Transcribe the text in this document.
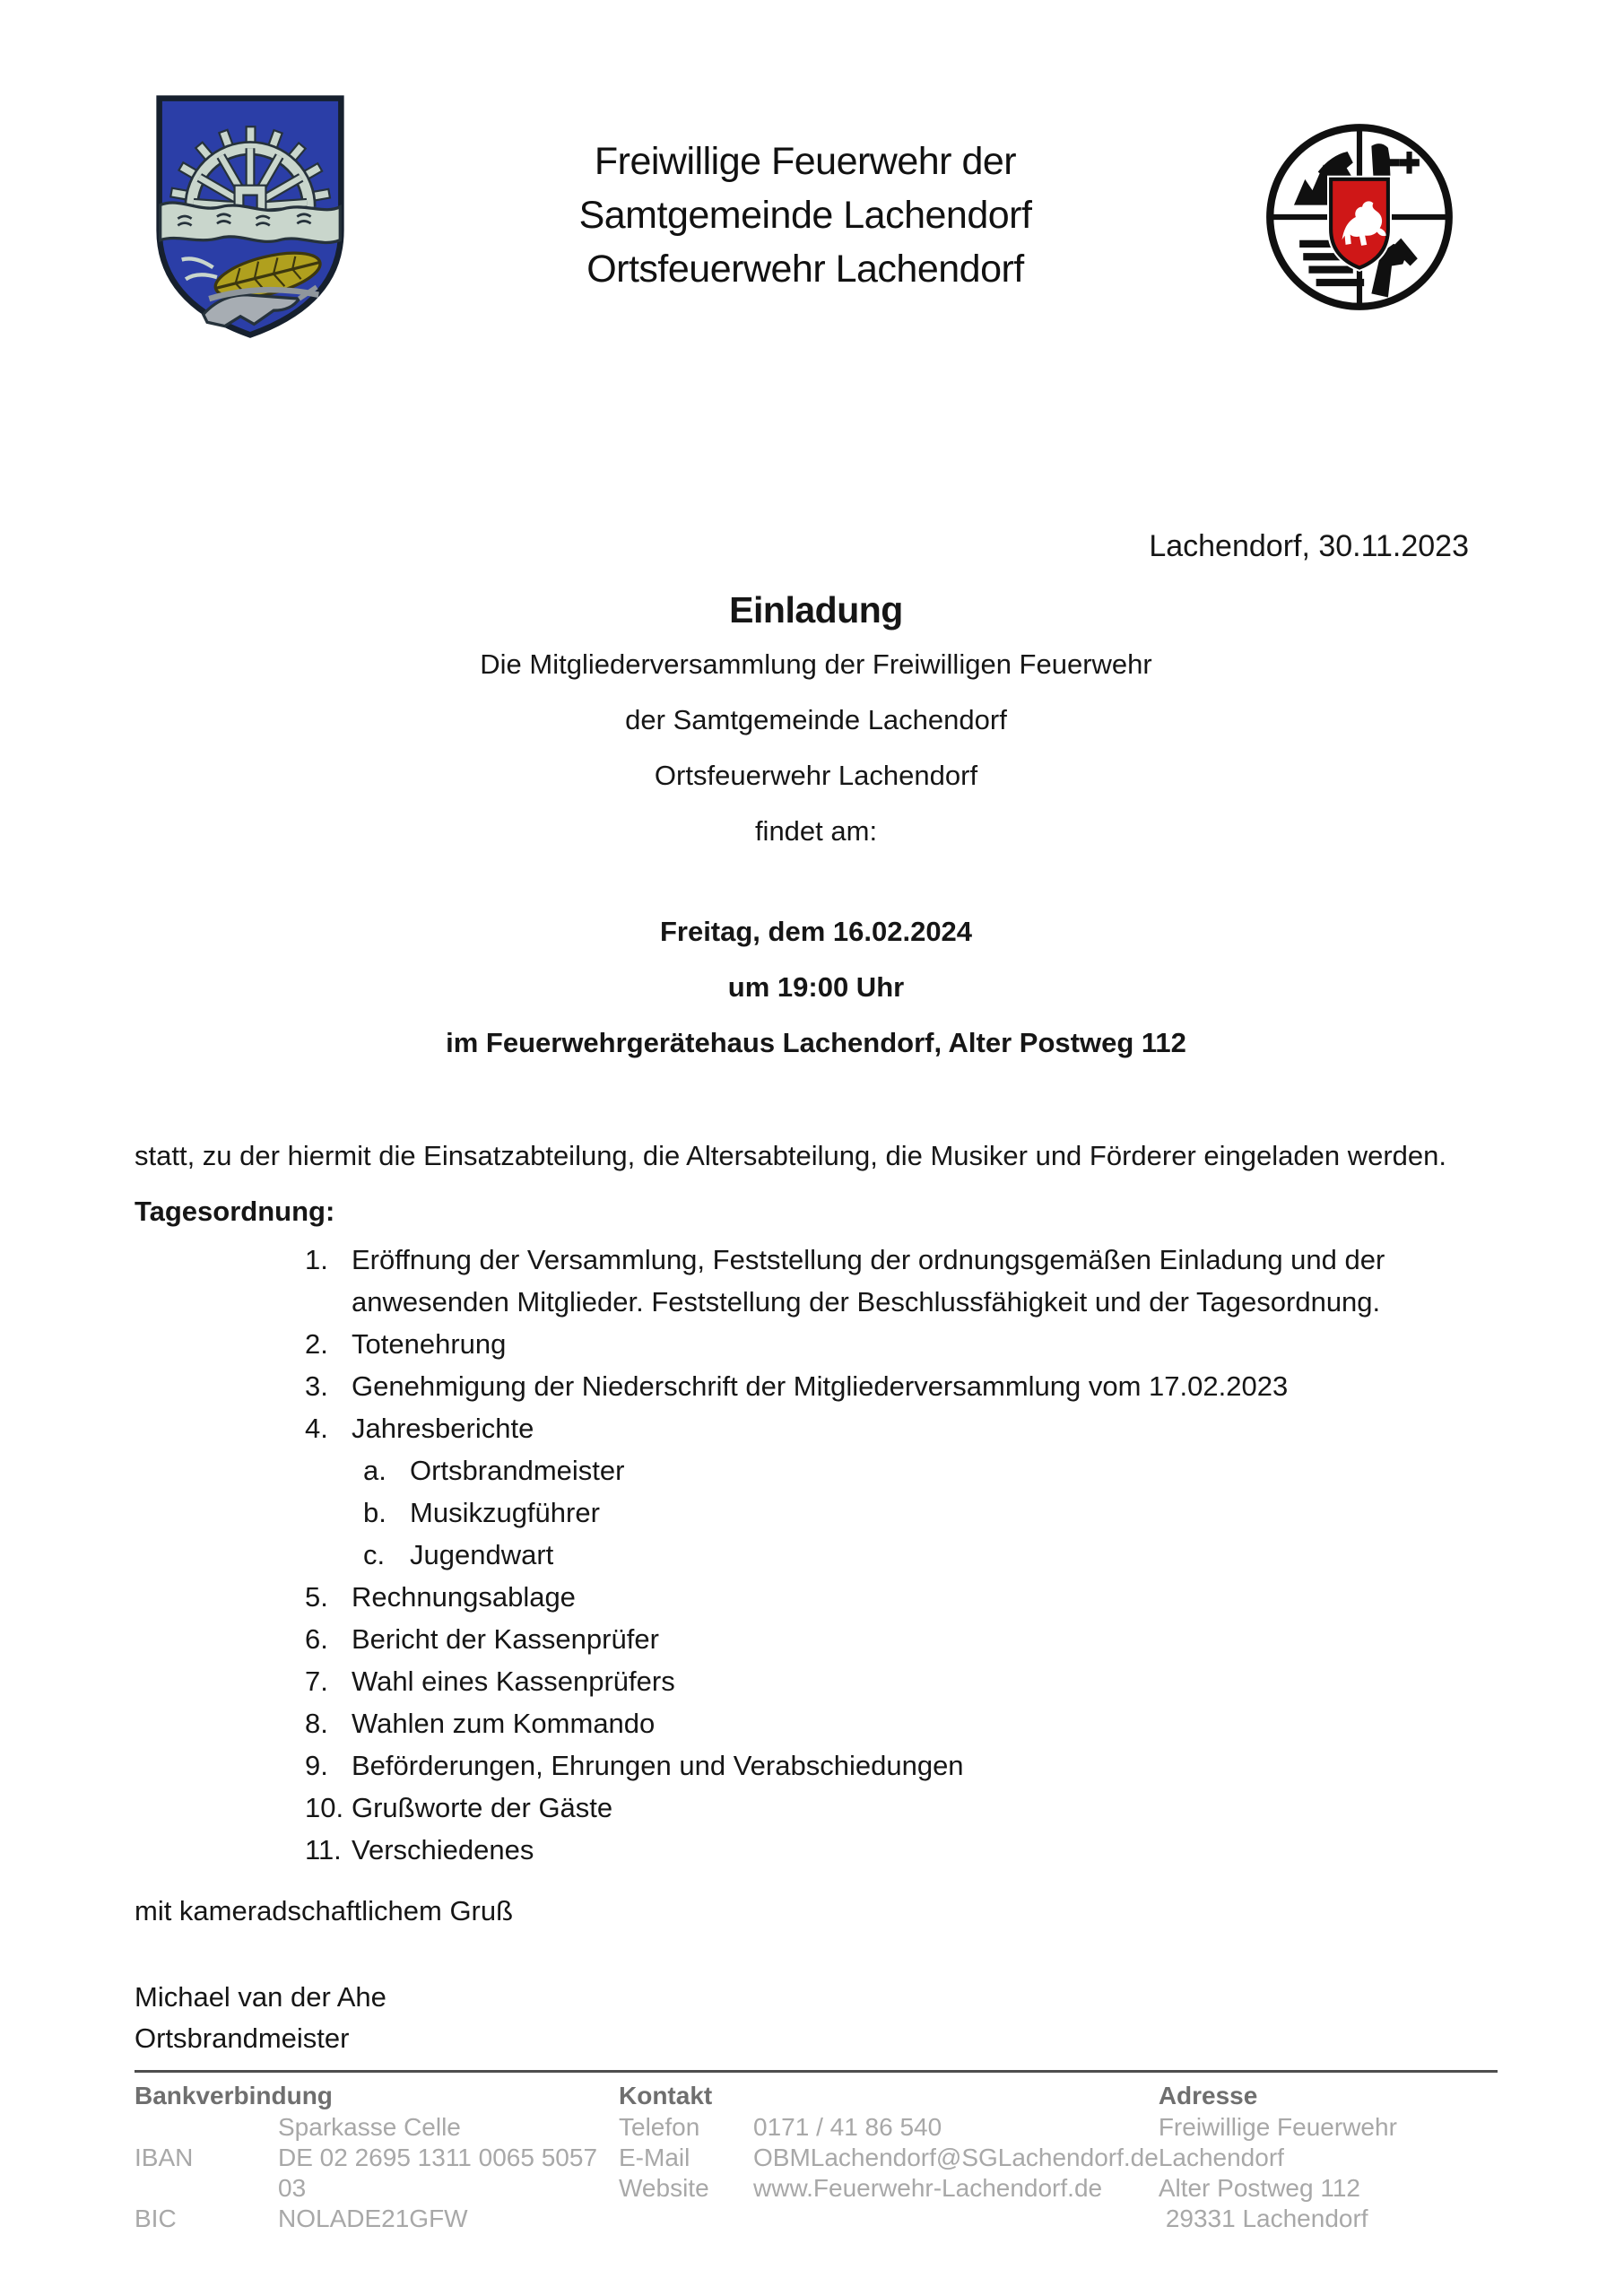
Freiwillige Feuerwehr der
Samtgemeinde Lachendorf
Ortsfeuerwehr Lachendorf
Lachendorf, 30.11.2023
Einladung

Die Mitgliederversammlung der Freiwilligen Feuerwehr

der Samtgemeinde Lachendorf

Ortsfeuerwehr Lachendorf

findet am:

Freitag, dem 16.02.2024

um 19:00 Uhr

im Feuerwehrgerätehaus Lachendorf, Alter Postweg 112

statt, zu der hiermit die Einsatzabteilung, die Altersabteilung, die Musiker und Förderer eingeladen werden.

Tagesordnung:

1. Eröffnung der Versammlung, Feststellung der ordnungsgemäßen Einladung und der anwesenden Mitglieder. Feststellung der Beschlussfähigkeit und der Tagesordnung.
2. Totenehrung
3. Genehmigung der Niederschrift der Mitgliederversammlung vom 17.02.2023
4. Jahresberichte
a. Ortsbrandmeister
b. Musikzugführer
c. Jugendwart
5. Rechnungsablage
6. Bericht der Kassenprüfer
7. Wahl eines Kassenprüfers
8. Wahlen zum Kommando
9. Beförderungen, Ehrungen und Verabschiedungen
10. Grußworte der Gäste
11. Verschiedenes

mit kameradschaftlichem Gruß

Michael van der Ahe

Ortsbrandmeister

Bankverbindung
Sparkasse Celle
IBAN	DE 02 2695 1311 0065 5057 03
BIC	NOLADE21GFW
Kontakt
Telefon	0171 / 41 86 540
E-Mail	OBMLachendorf@SGLachendorf.de
Website	www.Feuerwehr-Lachendorf.de
Adresse
Freiwillige Feuerwehr Lachendorf
Alter Postweg 112
29331 Lachendorf
